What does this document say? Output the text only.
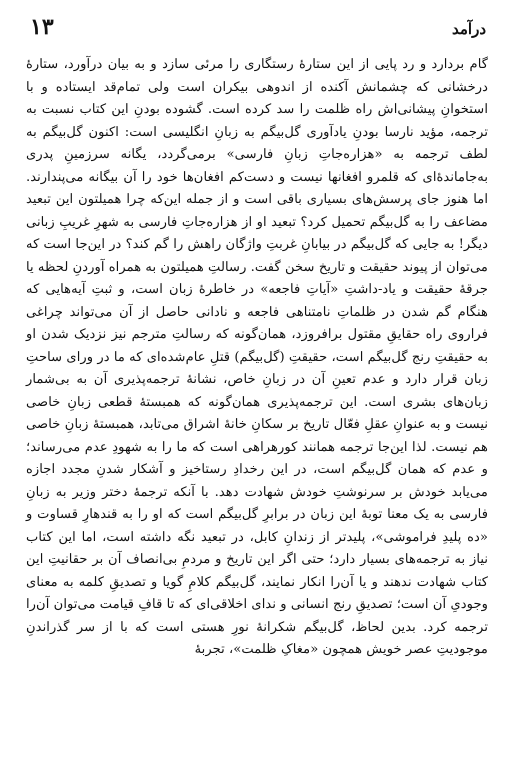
درآمد
۱۳

گام بردارد و رد پایی از این ستارهٔ رستگاری را مرئی سازد و به بیان درآورد، ستارهٔ درخشانی که چشمانش آکنده از اندوهی بیکران است ولی تمام‌قد ایستاده و با استخوانِ پیشانی‌اش راه ظلمت را سد کرده است. گشوده بودنِ این کتاب نسبت به ترجمه، مؤید نارسا بودنِ یادآوری گل‌بیگم به زبانِ انگلیسی است: اکنون گل‌بیگم به لطف ترجمه به «هزاره‌جاتِ زبانِ فارسی» برمی‌گردد، یگانه سرزمینِ پدری به‌جاماندهٔ‌ای که قلمرو افغانها نیست و دست‌کم افغان‌ها خود را آن بیگانه می‌پندارند. اما هنوز جای پرسش‌های بسیاری باقی است و از جمله این‌که چرا همیلتون این تبعید مضاعف را به گل‌بیگم تحمیل کرد؟ تبعید او از هزاره‌جاتِ فارسی به شهرِ غریبِ زبانی دیگر! به جایی که گل‌بیگم در بیابانِ غربتِ واژگان راهش را گم کند؟ در این‌جا است که می‌توان از پیوند حقیقت و تاریخ سخن گفت. رسالتِ همیلتون به همراه آوردنِ لحظه‌ یا جرقهٔ حقیقت و یاد-داشتِ «آیاتِ فاجعه» در خاطرهٔ زبان است، و ثبتِ آیه‌هایی که هنگام گم شدن در ظلماتِ نامتناهی فاجعه و نادانی حاصل از آن می‌تواند چراغی فراروی راه حقایقِ مقتول برافروزد، همان‌گونه که رسالتِ مترجم نیز نزدیک شدن او به حقیقتِ رنج گل‌بیگم است، حقیقتِ (گل‌بیگم) قتلِ عام‌شده‌ای که ما در ورای ساحتِ زبان قرار دارد و عدم تعینِ آن در زبانِ خاص، نشانهٔ ترجمه‌پذیری آن به بی‌شمار زبان‌های بشری است. این ترجمه‌پذیری همان‌گونه که همبستهٔ قطعی زبانِ خاصی نیست و به عنوانِ عقلِ فعّال تاریخ بر سکانِ خانهٔ اشراق می‌تابد، همبستهٔ زبانِ خاصی هم نیست. لذا این‌جا ترجمه همانند کورهراهی است که ما را به شهودِ عدم می‌رساند؛ و عدم که همان گل‌بیگم است، در این رخدادِ رستاخیز و آشکار شدنِ مجدد اجازه می‌یابد خودش بر سرنوشتِ خودش شهادت دهد. با آنکه ترجمهٔ دختر وزیر به زبانِ فارسی به یک معنا توبهٔ این زبان در برابرِ گل‌بیگم است که او را به قندهارِ قساوت و «ده پلیدِ فراموشی»، پلیدتر از زندانِ کابل، در تبعید نگه داشته است، اما این کتاب نیاز به ترجمه‌های بسیار دارد؛ حتی اگر این تاریخ و مردمِ بی‌انصاف آن بر حقانیتِ این کتاب شهادت ندهند و یا آن‌را انکار نمایند، گل‌بیگم کلامِ گویا و تصدیقِ کلمه به معنای وجودیِ آن است؛ تصدیقِ رنج انسانی و ندای اخلاقی‌ای که تا قافِ قیامت می‌توان آن‌را ترجمه کرد. بدین لحاظ، گل‌بیگم شکرانهٔ نورِ هستی است که با از سر گذراندنِ موجودیتِ عصر خویش همچون «مغاکِ ظلمت»، تجربهٔ
